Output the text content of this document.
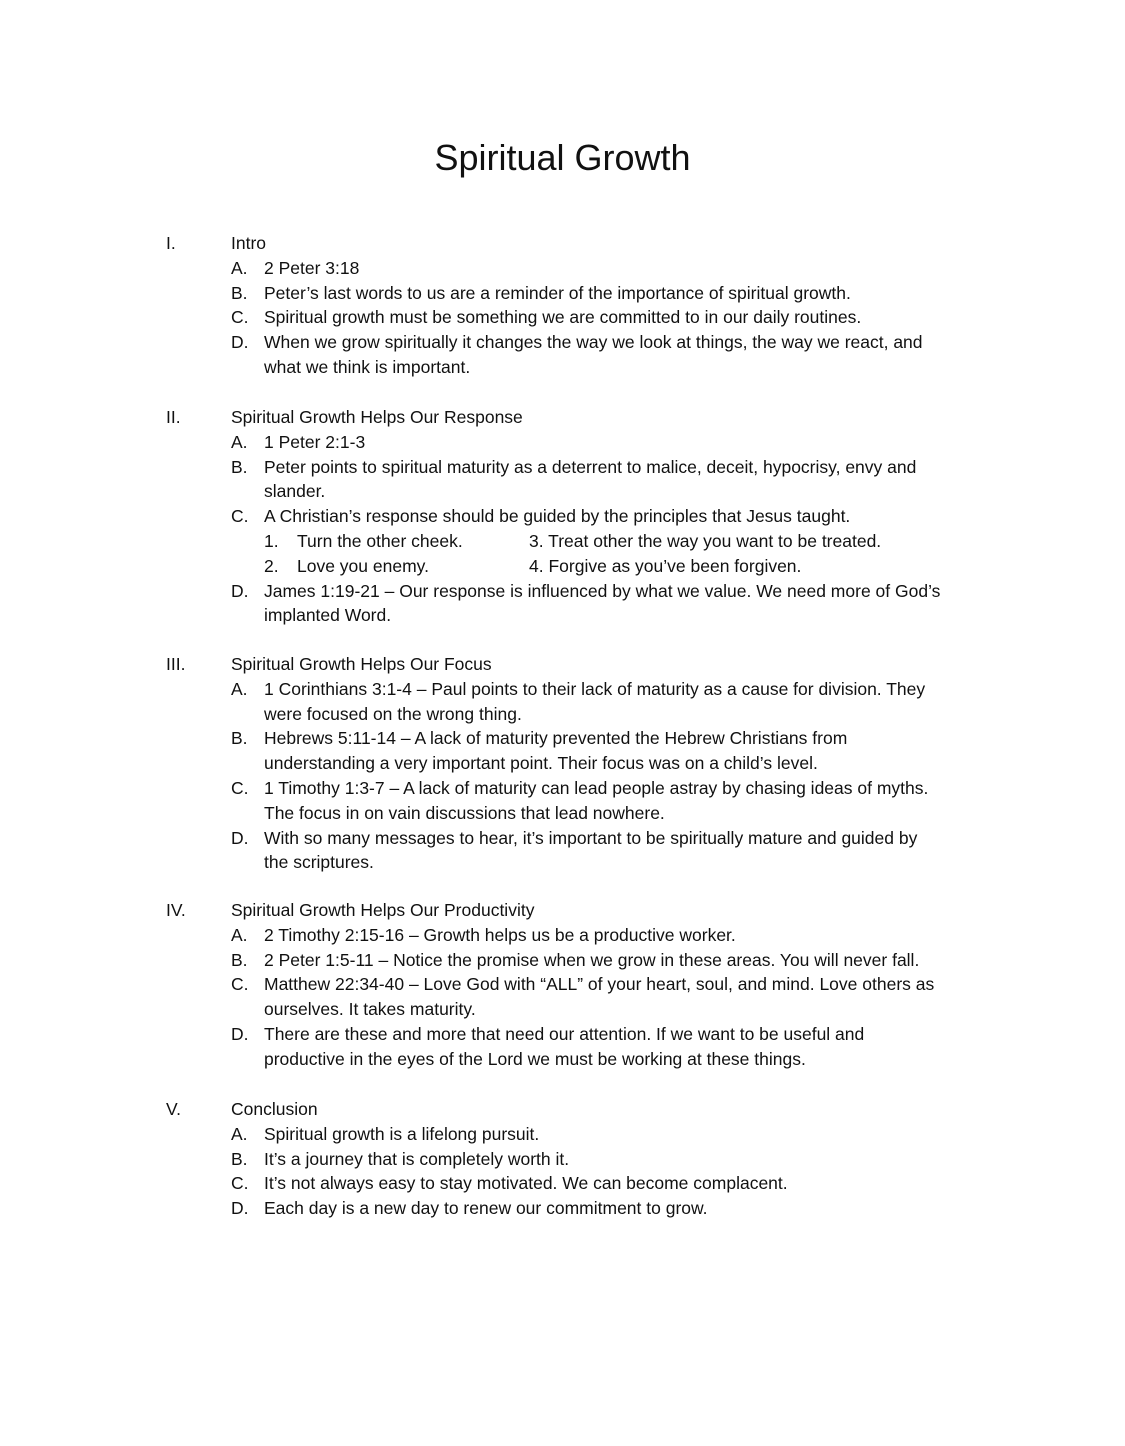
Spiritual Growth
I.	Intro
A. 2 Peter 3:18
B. Peter’s last words to us are a reminder of the importance of spiritual growth.
C. Spiritual growth must be something we are committed to in our daily routines.
D. When we grow spiritually it changes the way we look at things, the way we react, and
what we think is important.
II.	Spiritual Growth Helps Our Response
A. 1 Peter 2:1-3
B. Peter points to spiritual maturity as a deterrent to malice, deceit, hypocrisy, envy and
slander.
C. A Christian’s response should be guided by the principles that Jesus taught.
1. Turn the other cheek.	3. Treat other the way you want to be treated.
2. Love you enemy.	4. Forgive as you’ve been forgiven.
D. James 1:19-21 – Our response is influenced by what we value. We need more of God’s
implanted Word.
III.	Spiritual Growth Helps Our Focus
A. 1 Corinthians 3:1-4 – Paul points to their lack of maturity as a cause for division. They
were focused on the wrong thing.
B. Hebrews 5:11-14 – A lack of maturity prevented the Hebrew Christians from
understanding a very important point. Their focus was on a child’s level.
C. 1 Timothy 1:3-7 – A lack of maturity can lead people astray by chasing ideas of myths.
The focus in on vain discussions that lead nowhere.
D. With so many messages to hear, it’s important to be spiritually mature and guided by
the scriptures.
IV.	Spiritual Growth Helps Our Productivity
A. 2 Timothy 2:15-16 – Growth helps us be a productive worker.
B. 2 Peter 1:5-11 – Notice the promise when we grow in these areas. You will never fall.
C. Matthew 22:34-40 – Love God with “ALL” of your heart, soul, and mind. Love others as
ourselves. It takes maturity.
D. There are these and more that need our attention. If we want to be useful and
productive in the eyes of the Lord we must be working at these things.
V.	Conclusion
A. Spiritual growth is a lifelong pursuit.
B. It’s a journey that is completely worth it.
C. It’s not always easy to stay motivated. We can become complacent.
D. Each day is a new day to renew our commitment to grow.
